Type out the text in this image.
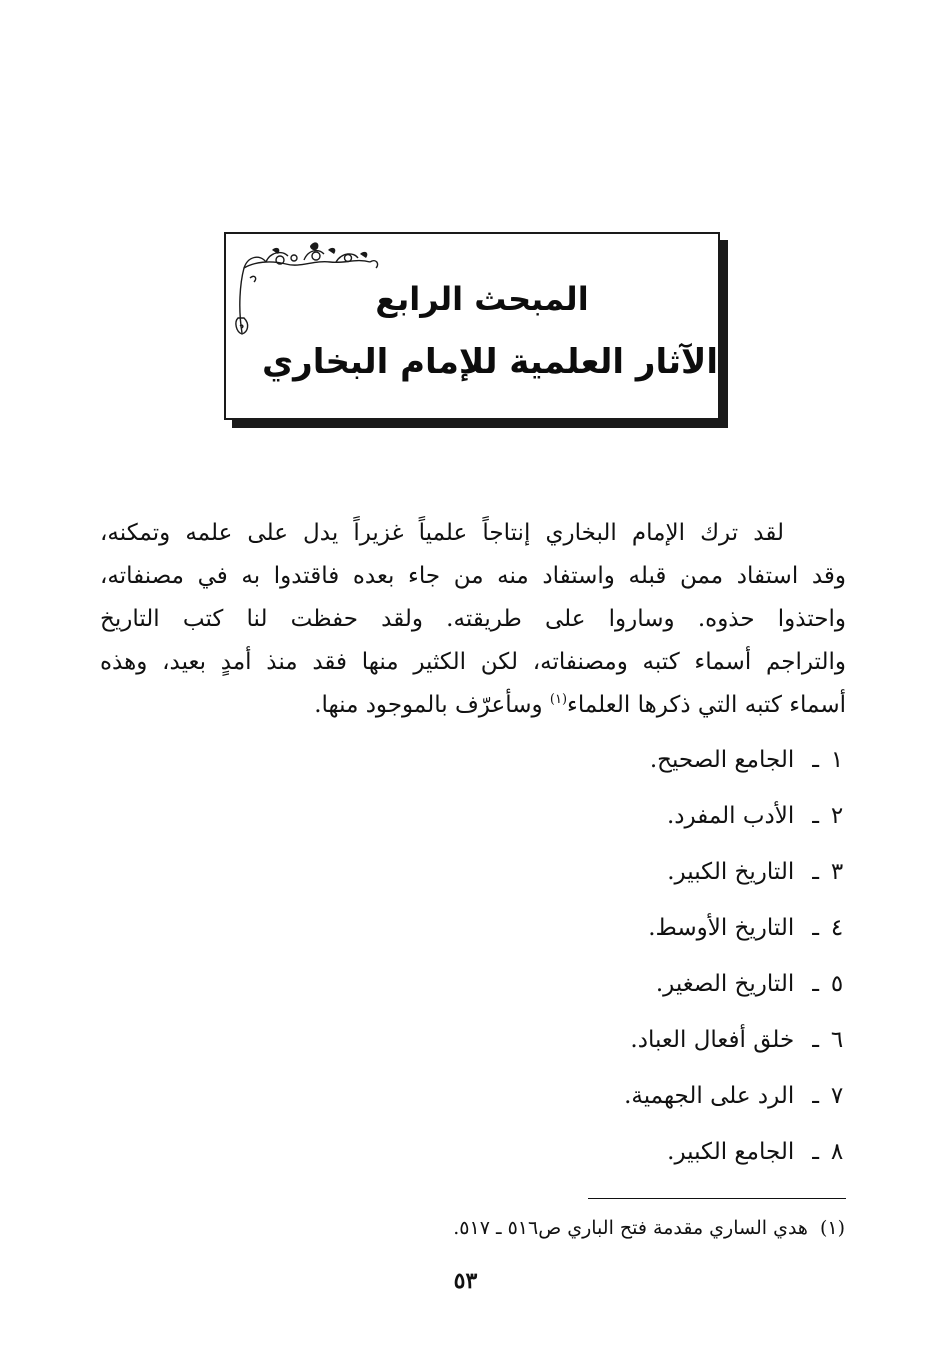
المبحث الرابع
الآثار العلمية للإمام البخاري
لقد ترك الإمام البخاري إنتاجاً علمياً غزيراً يدل على علمه وتمكنه،
وقد استفاد ممن قبله واستفاد منه من جاء بعده فاقتدوا به في مصنفاته،
واحتذوا حذوه. وساروا على طريقته. ولقد حفظت لنا كتب التاريخ
والتراجم أسماء كتبه ومصنفاته، لكن الكثير منها فقد منذ أمدٍ بعيد، وهذه
أسماء كتبه التي ذكرها العلماء$^{(١)}$ وسأعرّف بالموجود منها.
١ـالجامع الصحيح.
٢ـالأدب المفرد.
٣ـالتاريخ الكبير.
٤ـالتاريخ الأوسط.
٥ـالتاريخ الصغير.
٦ـخلق أفعال العباد.
٧ـالرد على الجهمية.
٨ـالجامع الكبير.
(١)هدي الساري مقدمة فتح الباري ص٥١٦ ـ ٥١٧.
٥٣
